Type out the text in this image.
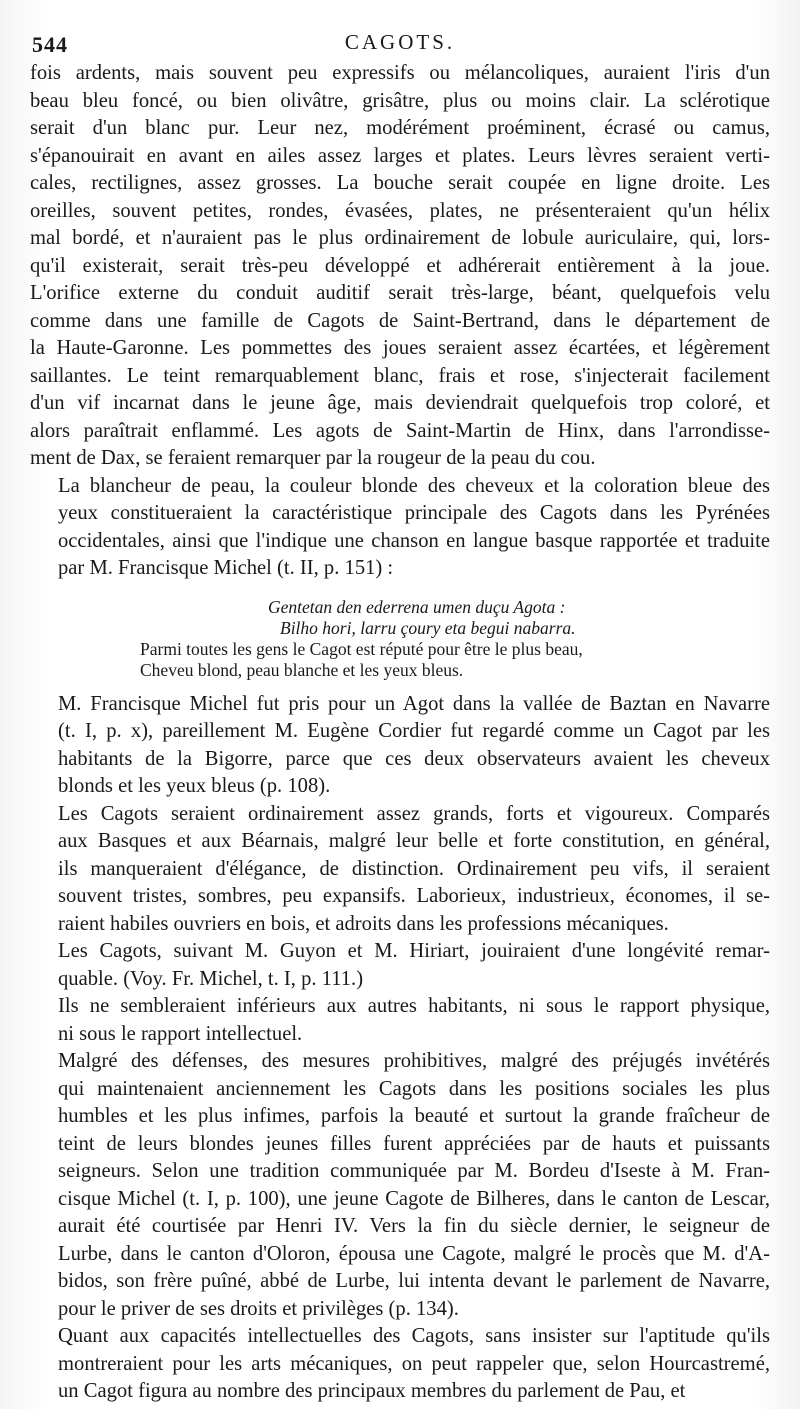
544	CAGOTS.

fois ardents, mais souvent peu expressifs ou mélancoliques, auraient l'iris d'un
beau bleu foncé, ou bien olivâtre, grisâtre, plus ou moins clair. La sclérotique
serait d'un blanc pur. Leur nez, modérément proéminent, écrasé ou camus,
s'épanouirait en avant en ailes assez larges et plates. Leurs lèvres seraient verti-
cales, rectilignes, assez grosses. La bouche serait coupée en ligne droite. Les
oreilles, souvent petites, rondes, évasées, plates, ne présenteraient qu'un hélix
mal bordé, et n'auraient pas le plus ordinairement de lobule auriculaire, qui, lors-
qu'il existerait, serait très-peu développé et adhérerait entièrement à la joue.
L'orifice externe du conduit auditif serait très-large, béant, quelquefois velu
comme dans une famille de Cagots de Saint-Bertrand, dans le département de
la Haute-Garonne. Les pommettes des joues seraient assez écartées, et légèrement
saillantes. Le teint remarquablement blanc, frais et rose, s'injecterait facilement
d'un vif incarnat dans le jeune âge, mais deviendrait quelquefois trop coloré, et
alors paraîtrait enflammé. Les agots de Saint-Martin de Hinx, dans l'arrondisse-
ment de Dax, se feraient remarquer par la rougeur de la peau du cou.

La blancheur de peau, la couleur blonde des cheveux et la coloration bleue des
yeux constitueraient la caractéristique principale des Cagots dans les Pyrénées
occidentales, ainsi que l'indique une chanson en langue basque rapportée et traduite
par M. Francisque Michel (t. II, p. 151) :

Gentetan den ederrena umen duçu Agota :
Bilho hori, larru çoury eta begui nabarra.
Parmi toutes les gens le Cagot est réputé pour être le plus beau,
Cheveu blond, peau blanche et les yeux bleus.

M. Francisque Michel fut pris pour un Agot dans la vallée de Baztan en Navarre
(t. I, p. x), pareillement M. Eugène Cordier fut regardé comme un Cagot par les
habitants de la Bigorre, parce que ces deux observateurs avaient les cheveux
blonds et les yeux bleus (p. 108).

Les Cagots seraient ordinairement assez grands, forts et vigoureux. Comparés
aux Basques et aux Béarnais, malgré leur belle et forte constitution, en général,
ils manqueraient d'élégance, de distinction. Ordinairement peu vifs, il seraient
souvent tristes, sombres, peu expansifs. Laborieux, industrieux, économes, il se-
raient habiles ouvriers en bois, et adroits dans les professions mécaniques.

Les Cagots, suivant M. Guyon et M. Hiriart, jouiraient d'une longévité remar-
quable. (Voy. Fr. Michel, t. I, p. 111.)

Ils ne sembleraient inférieurs aux autres habitants, ni sous le rapport physique,
ni sous le rapport intellectuel.

Malgré des défenses, des mesures prohibitives, malgré des préjugés invétérés
qui maintenaient anciennement les Cagots dans les positions sociales les plus
humbles et les plus infimes, parfois la beauté et surtout la grande fraîcheur de
teint de leurs blondes jeunes filles furent appréciées par de hauts et puissants
seigneurs. Selon une tradition communiquée par M. Bordeu d'Iseste à M. Fran-
cisque Michel (t. I, p. 100), une jeune Cagote de Bilheres, dans le canton de Lescar,
aurait été courtisée par Henri IV. Vers la fin du siècle dernier, le seigneur de
Lurbe, dans le canton d'Oloron, épousa une Cagote, malgré le procès que M. d'A-
bidos, son frère puîné, abbé de Lurbe, lui intenta devant le parlement de Navarre,
pour le priver de ses droits et privilèges (p. 134).

Quant aux capacités intellectuelles des Cagots, sans insister sur l'aptitude qu'ils
montreraient pour les arts mécaniques, on peut rappeler que, selon Hourcastremé,
un Cagot figura au nombre des principaux membres du parlement de Pau, et
